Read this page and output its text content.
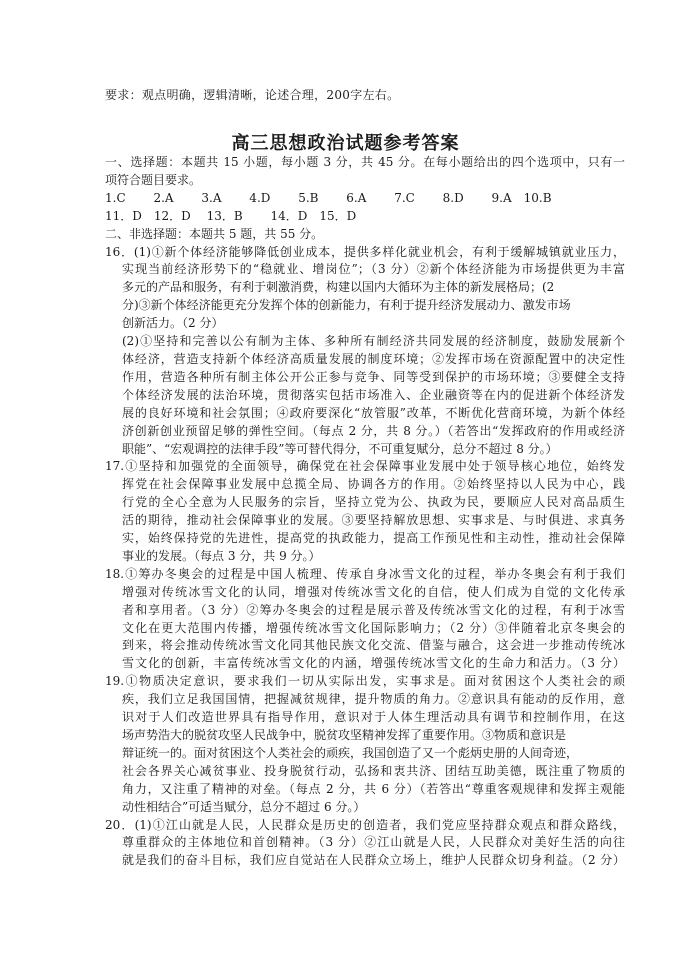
要求：观点明确，逻辑清晰，论述合理，200字左右。
高三思想政治试题参考答案
一、选择题：本题共 15 小题，每小题 3 分，共 45 分。在每小题给出的四个选项中，只有一
项符合题目要求。
1.C　　 2.A　　 3.A　　 4.D　　 5.B　　 6.A　　 7.C　　 8.D　　 9.A　10.B
11．D　12．D　 13．B　　 14．D　15．D
二、非选择题：本题共 5 题，共 55 分。
16．(1)①新个体经济能够降低创业成本，提供多样化就业机会，有利于缓解城镇就业压力，
实现当前经济形势下的“稳就业、增岗位”；（3 分）②新个体经济能为市场提供更为丰富
多元的产品和服务，有利于刺激消费，构建以国内大循环为主体的新发展格局；(2
分)③新个体经济能更充分发挥个体的创新能力，有利于提升经济发展动力、激发市场
创新活力。（2 分）
(2)①坚持和完善以公有制为主体、多种所有制经济共同发展的经济制度，鼓励发展新个
体经济，营造支持新个体经济高质量发展的制度环境；②发挥市场在资源配置中的决定性
作用，营造各种所有制主体公开公正参与竞争、同等受到保护的市场环境；③要健全支持
个体经济发展的法治环境，贯彻落实包括市场准入、企业融资等在内的促进新个体经济发
展的良好环境和社会氛围；④政府要深化“放管服”改革，不断优化营商环境，为新个体经
济创新创业预留足够的弹性空间。（每点 2 分，共 8 分。）（若答出“发挥政府的作用或经济
职能”、“宏观调控的法律手段”等可替代得分，不可重复赋分，总分不超过 8 分。）
17.①坚持和加强党的全面领导，确保党在社会保障事业发展中处于领导核心地位，始终发
挥党在社会保障事业发展中总揽全局、协调各方的作用。②始终坚持以人民为中心，践
行党的全心全意为人民服务的宗旨，坚持立党为公、执政为民，要顺应人民对高品质生
活的期待，推动社会保障事业的发展。③要坚持解放思想、实事求是、与时俱进、求真务
实，始终保持党的先进性，提高党的执政能力，提高工作预见性和主动性，推动社会保障
事业的发展。（每点 3 分，共 9 分。）
18.①筹办冬奥会的过程是中国人梳理、传承自身冰雪文化的过程，举办冬奥会有利于我们
增强对传统冰雪文化的认同，增强对传统冰雪文化的自信，使人们成为自觉的文化传承
者和享用者。（3 分）②筹办冬奥会的过程是展示普及传统冰雪文化的过程，有利于冰雪
文化在更大范围内传播，增强传统冰雪文化国际影响力；（2 分）③伴随着北京冬奥会的
到来，将会推动传统冰雪文化同其他民族文化交流、借鉴与融合，这会进一步推动传统冰
雪文化的创新，丰富传统冰雪文化的内涵，增强传统冰雪文化的生命力和活力。（3 分）
19.①物质决定意识，要求我们一切从实际出发，实事求是。面对贫困这个人类社会的顽
疾，我们立足我国国情，把握减贫规律，提升物质的角力。②意识具有能动的反作用，意
识对于人们改造世界具有指导作用，意识对于人体生理活动具有调节和控制作用，在这
场声势浩大的脱贫攻坚人民战争中，脱贫攻坚精神发挥了重要作用。③物质和意识是
辩证统一的。面对贫困这个人类社会的顽疾，我国创造了又一个彪炳史册的人间奇迹，
社会各界关心减贫事业、投身脱贫行动，弘扬和衷共济、团结互助美德，既注重了物质的
角力，又注重了精神的对垒。（每点 2 分，共 6 分）（若答出“尊重客观规律和发挥主观能
动性相结合”可适当赋分，总分不超过 6 分。）
20．(1)①江山就是人民，人民群众是历史的创造者，我们党应坚持群众观点和群众路线，
尊重群众的主体地位和首创精神。（3 分）②江山就是人民，人民群众对美好生活的向往
就是我们的奋斗目标，我们应自觉站在人民群众立场上，维护人民群众切身利益。（2 分）
